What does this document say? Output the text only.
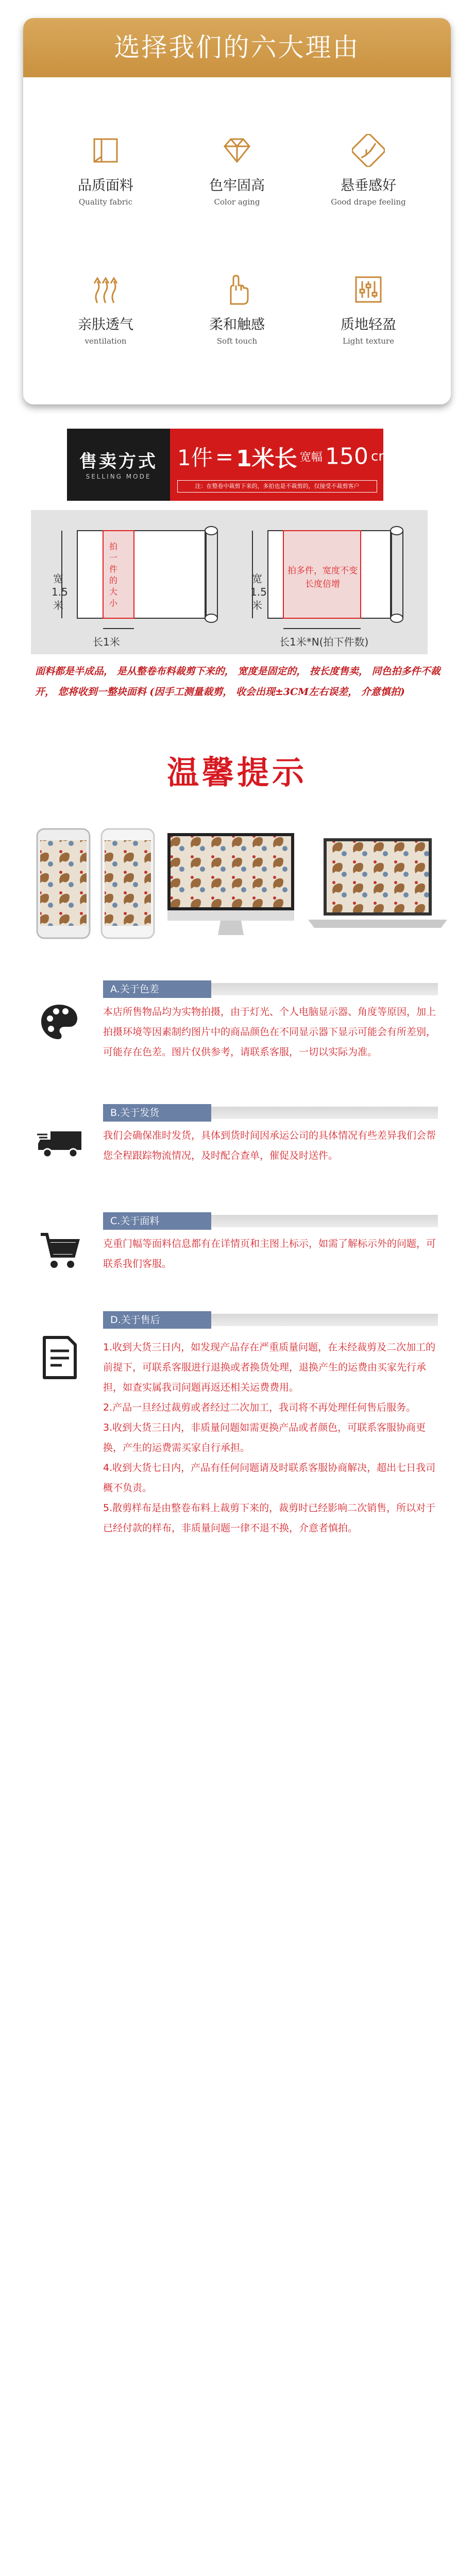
选择我们的六大理由
品质面料
Quality fabric
色牢固高
Color aging
悬垂感好
Good drape feeling
亲肤透气
ventilation
柔和触感
Soft touch
质地轻盈
Light texture
售卖方式
SELLING MODE
1件 = 1米长 宽幅 150 cm
注：在整卷中裁剪下来的，多拍也是不裁剪的，仅接受不裁剪客户
宽1.5米
拍一件的大小
长1米
宽1.5米
拍多件，宽度不变长度倍增
长1米*N(拍下件数)
面料都是半成品， 是从整卷布料裁剪下来的， 宽度是固定的， 按长度售卖， 同色拍多件不裁开， 您将收到一整块面料 (因手工测量裁剪， 收会出现±3CM左右误差， 介意慎拍)
温馨提示
A.关于色差
本店所售物品均为实物拍摄，由于灯光、个人电脑显示器、角度等原因，加上拍摄环境等因素制约图片中的商品颜色在不同显示器下显示可能会有所差别，可能存在色差。图片仅供参考，请联系客服，一切以实际为准。
B.关于发货
我们会确保准时发货，具体到货时间因承运公司的具体情况有些差异我们会帮您全程跟踪物流情况，及时配合查单，催促及时送件。
C.关于面料
克重门幅等面料信息都有在详情页和主图上标示，如需了解标示外的问题，可联系我们客服。
D.关于售后
1.收到大货三日内，如发现产品存在严重质量问题，在未经裁剪及二次加工的前提下，可联系客服进行退换或者换货处理，退换产生的运费由买家先行承担，如查实属我司问题再返还相关运费费用。
2.产品一旦经过裁剪或者经过二次加工，我司将不再处理任何售后服务。
3.收到大货三日内，非质量问题如需更换产品或者颜色，可联系客服协商更换，产生的运费需买家自行承担。
4.收到大货七日内，产品有任何问题请及时联系客服协商解决，超出七日我司概不负责。
5.散剪样布是由整卷布料上裁剪下来的，裁剪时已经影响二次销售，所以对于已经付款的样布，非质量问题一律不退不换，介意者慎拍。
